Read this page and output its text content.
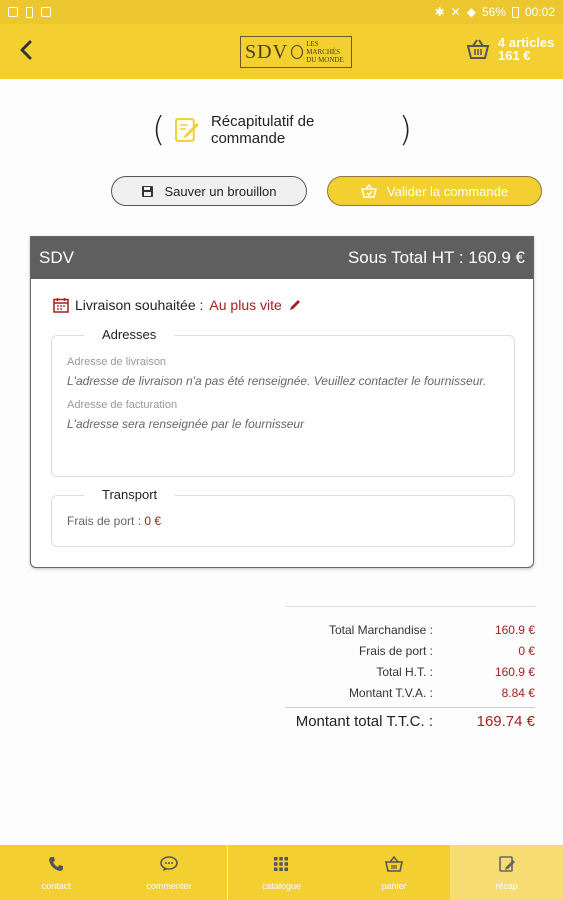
✱ ✕ ◆ 56% 00:02
SDV	LES MARCHÉS
DU MONDE
4 articles
161 €
(	Récapitulatif de commande	)
Sauver un brouillon	Valider la commande
SDV	Sous Total HT : 160.9 €
Livraison souhaitée : Au plus vite
Adresses
Adresse de livraison
L'adresse de livraison n'a pas été renseignée. Veuillez contacter le fournisseur.
Adresse de facturation
L'adresse sera renseignée par le fournisseur
Transport
Frais de port : 0 €
Total Marchandise :	160.9 €
Frais de port :	0 €
Total H.T. :	160.9 €
Montant T.V.A. :	8.84 €
Montant total T.T.C. :	169.74 €
contact	commenter	catalogue	panier	récap
